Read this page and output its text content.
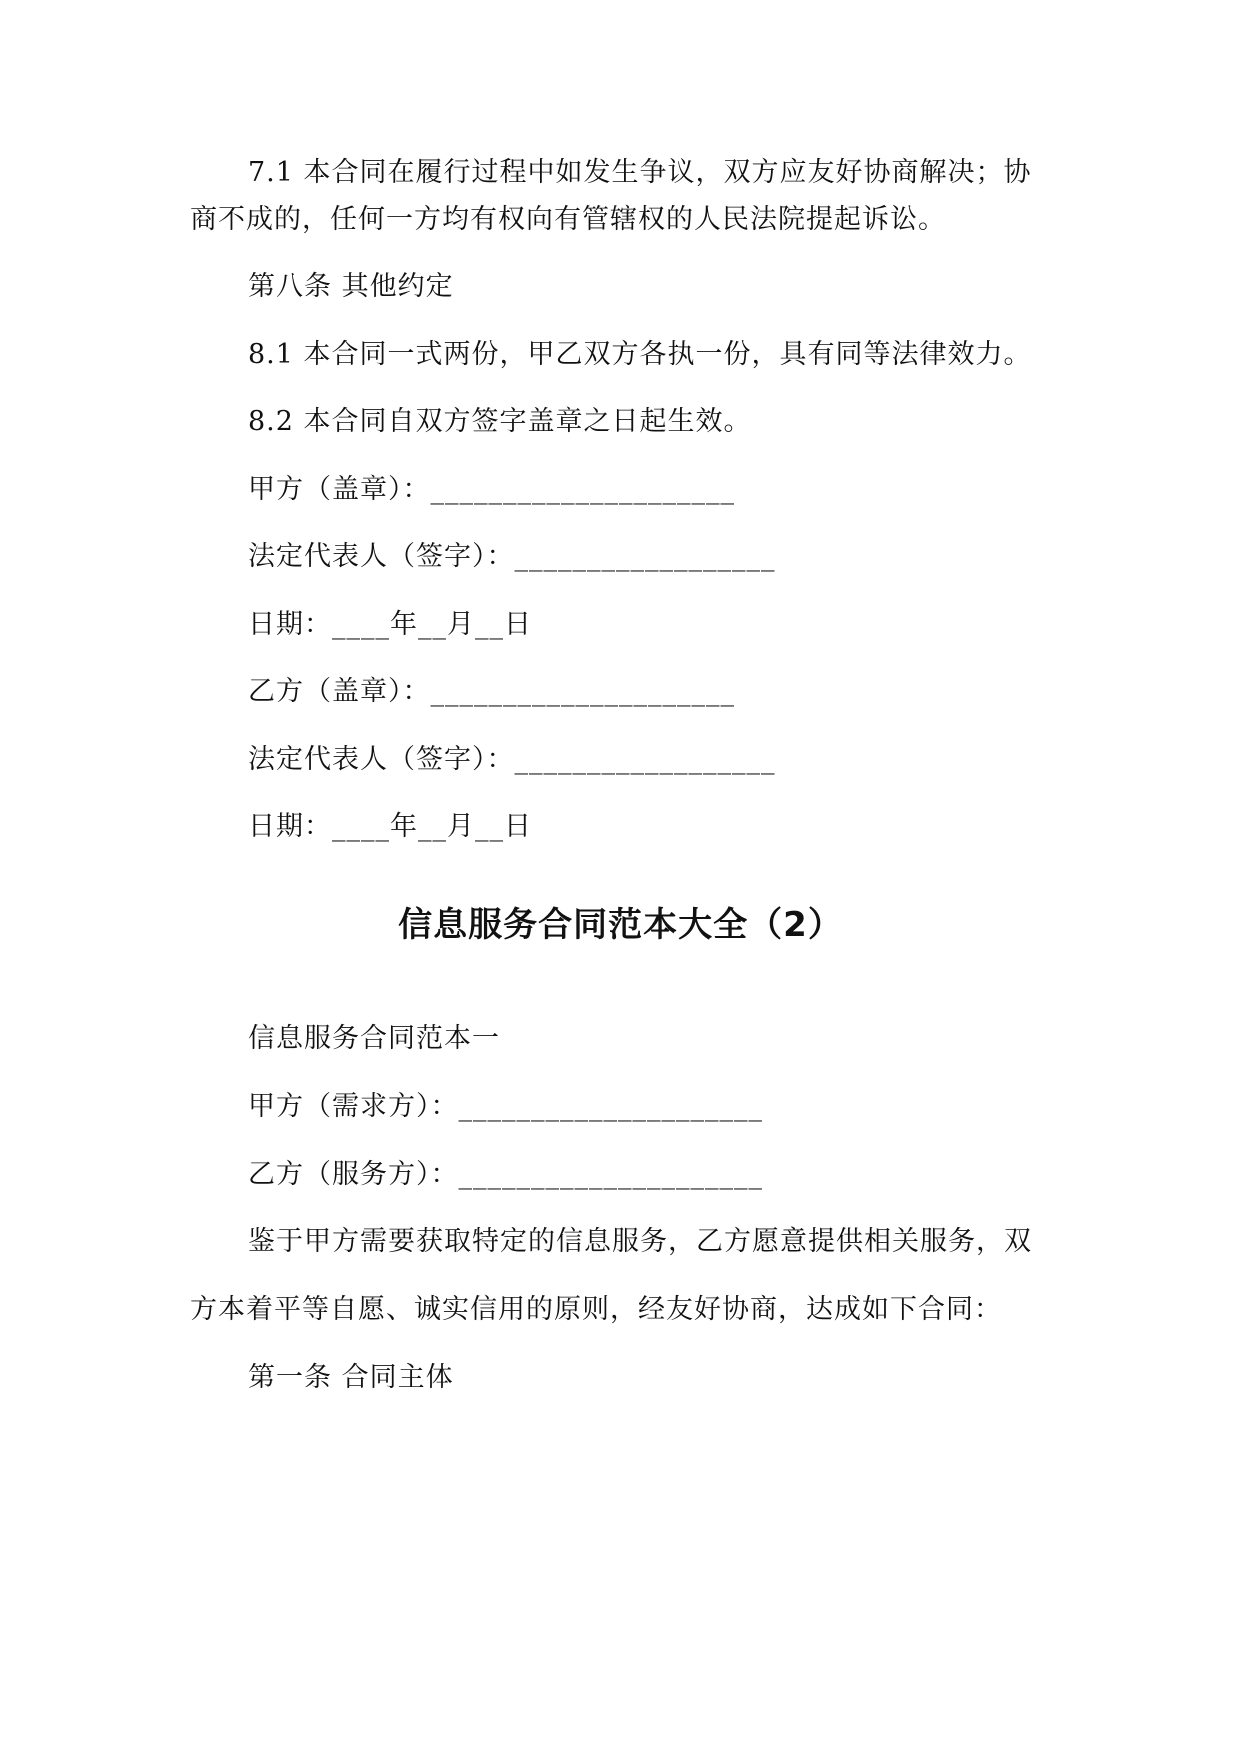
7.1 本合同在履行过程中如发生争议，双方应友好协商解决；协
商不成的，任何一方均有权向有管辖权的人民法院提起诉讼。
第八条 其他约定
8.1 本合同一式两份，甲乙双方各执一份，具有同等法律效力。
8.2 本合同自双方签字盖章之日起生效。
甲方（盖章）：_____________________
法定代表人（签字）：__________________
日期：____年__月__日
乙方（盖章）：_____________________
法定代表人（签字）：__________________
日期：____年__月__日
信息服务合同范本大全（2）
信息服务合同范本一
甲方（需求方）：_____________________
乙方（服务方）：_____________________
鉴于甲方需要获取特定的信息服务，乙方愿意提供相关服务，双
方本着平等自愿、诚实信用的原则，经友好协商，达成如下合同：
第一条 合同主体
